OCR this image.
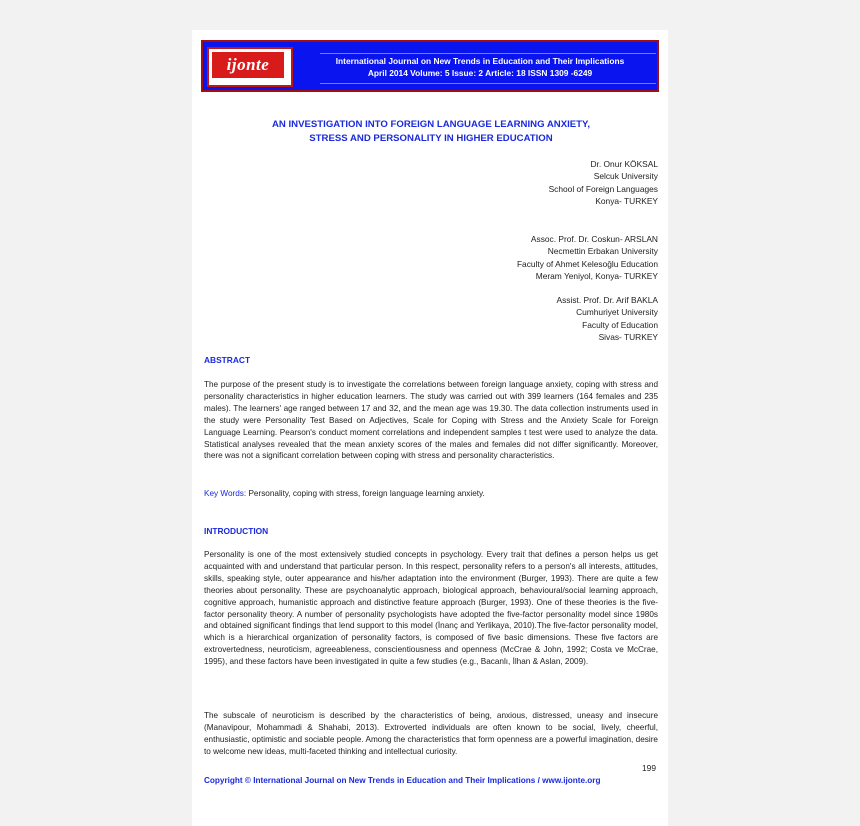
ijonte	International Journal on New Trends in Education and Their Implications
April 2014 Volume: 5 Issue: 2 Article: 18 ISSN 1309 -6249
AN INVESTIGATION INTO FOREIGN LANGUAGE LEARNING ANXIETY,
STRESS AND PERSONALITY IN HIGHER EDUCATION
Dr. Onur KÖKSAL
Selcuk University
School of Foreign Languages
Konya- TURKEY
Assoc. Prof. Dr. Coskun- ARSLAN
Necmettin Erbakan University
Faculty of Ahmet Kelesoğlu Education
Meram Yeniyol, Konya- TURKEY
Assist. Prof. Dr. Arif BAKLA
Cumhuriyet University
Faculty of Education
Sivas- TURKEY
ABSTRACT
The purpose of the present study is to investigate the correlations between foreign language anxiety, coping with stress and personality characteristics in higher education learners. The study was carried out with 399 learners (164 females and 235 males). The learners' age ranged between 17 and 32, and the mean age was 19.30. The data collection instruments used in the study were Personality Test Based on Adjectives, Scale for Coping with Stress and the Anxiety Scale for Foreign Language Learning. Pearson's conduct moment correlations and independent samples t test were used to analyze the data. Statistical analyses revealed that the mean anxiety scores of the males and females did not differ significantly. Moreover, there was not a significant correlation between coping with stress and personality characteristics.
Key Words: Personality, coping with stress, foreign language learning anxiety.
INTRODUCTION
Personality is one of the most extensively studied concepts in psychology. Every trait that defines a person helps us get acquainted with and understand that particular person. In this respect, personality refers to a person's all interests, attitudes, skills, speaking style, outer appearance and his/her adaptation into the environment (Burger, 1993). There are quite a few theories about personality. These are psychoanalytic approach, biological approach, behavioural/social learning approach, cognitive approach, humanistic approach and distinctive feature approach (Burger, 1993). One of these theories is the five-factor personality theory. A number of personality psychologists have adopted the five-factor personality model since 1980s and obtained significant findings that lend support to this model (İnanç and Yerlikaya, 2010).The five-factor personality model, which is a hierarchical organization of personality factors, is composed of five basic dimensions. These five factors are extrovertedness, neuroticism, agreeableness, conscientiousness and openness (McCrae & John, 1992; Costa ve McCrae, 1995), and these factors have been investigated in quite a few studies (e.g., Bacanlı, İlhan & Aslan, 2009).
The subscale of neuroticism is described by the characteristics of being, anxious, distressed, uneasy and insecure (Manavipour, Mohammadi & Shahabi, 2013). Extroverted individuals are often known to be social, lively, cheerful, enthusiastic, optimistic and sociable people. Among the characteristics that form openness are a powerful imagination, desire to welcome new ideas, multi-faceted thinking and intellectual curiosity.
199
Copyright © International Journal on New Trends in Education and Their Implications / www.ijonte.org
